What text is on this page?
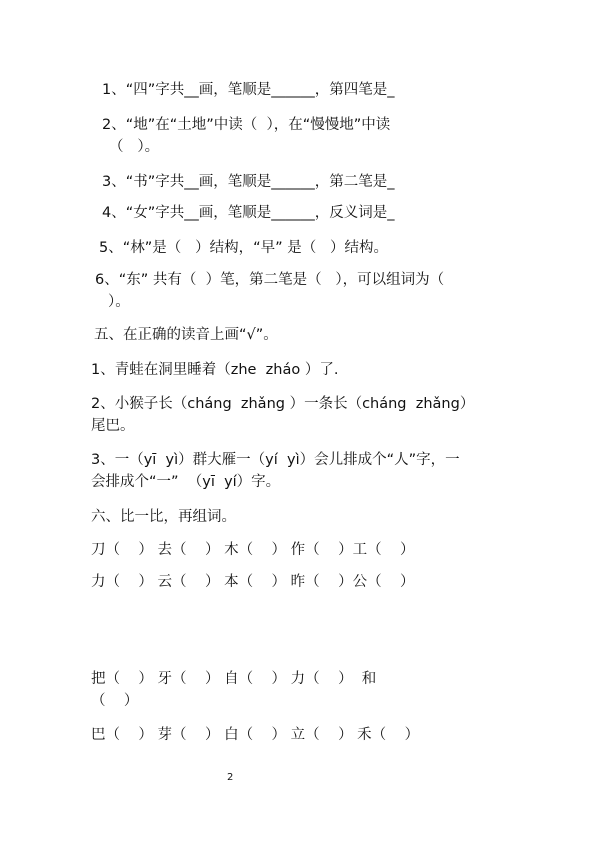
1、“四”字共__画，笔顺是______，第四笔是_
2、“地”在“土地”中读（  ），在“慢慢地”中读
（   ）。
3、“书”字共__画，笔顺是______，第二笔是_
4、“女”字共__画，笔顺是______，反义词是_
5、“林”是（   ）结构，“早” 是（   ）结构。
6、“东” 共有（  ）笔，第二笔是（   ），可以组词为（
）。
五、在正确的读音上画“√”。
1、青蛙在洞里睡着（zhe  zháo ）了.
2、小猴子长（cháng  zhǎng ）一条长（cháng  zhǎng）
尾巴。
3、一（yī  yì）群大雁一（yí  yì）会儿排成个“人”字，一
会排成个“一”  （yī  yí）字。
六、比一比，再组词。
刀（    ） 去（    ） 木（    ） 作（    ）工（    ）
力（    ） 云（    ） 本（    ） 昨（    ）公（    ）
把（    ） 牙（    ） 自（    ） 力（    ）  和
（    ）
巴（    ） 芽（    ） 白（    ） 立（    ） 禾（    ）
2
